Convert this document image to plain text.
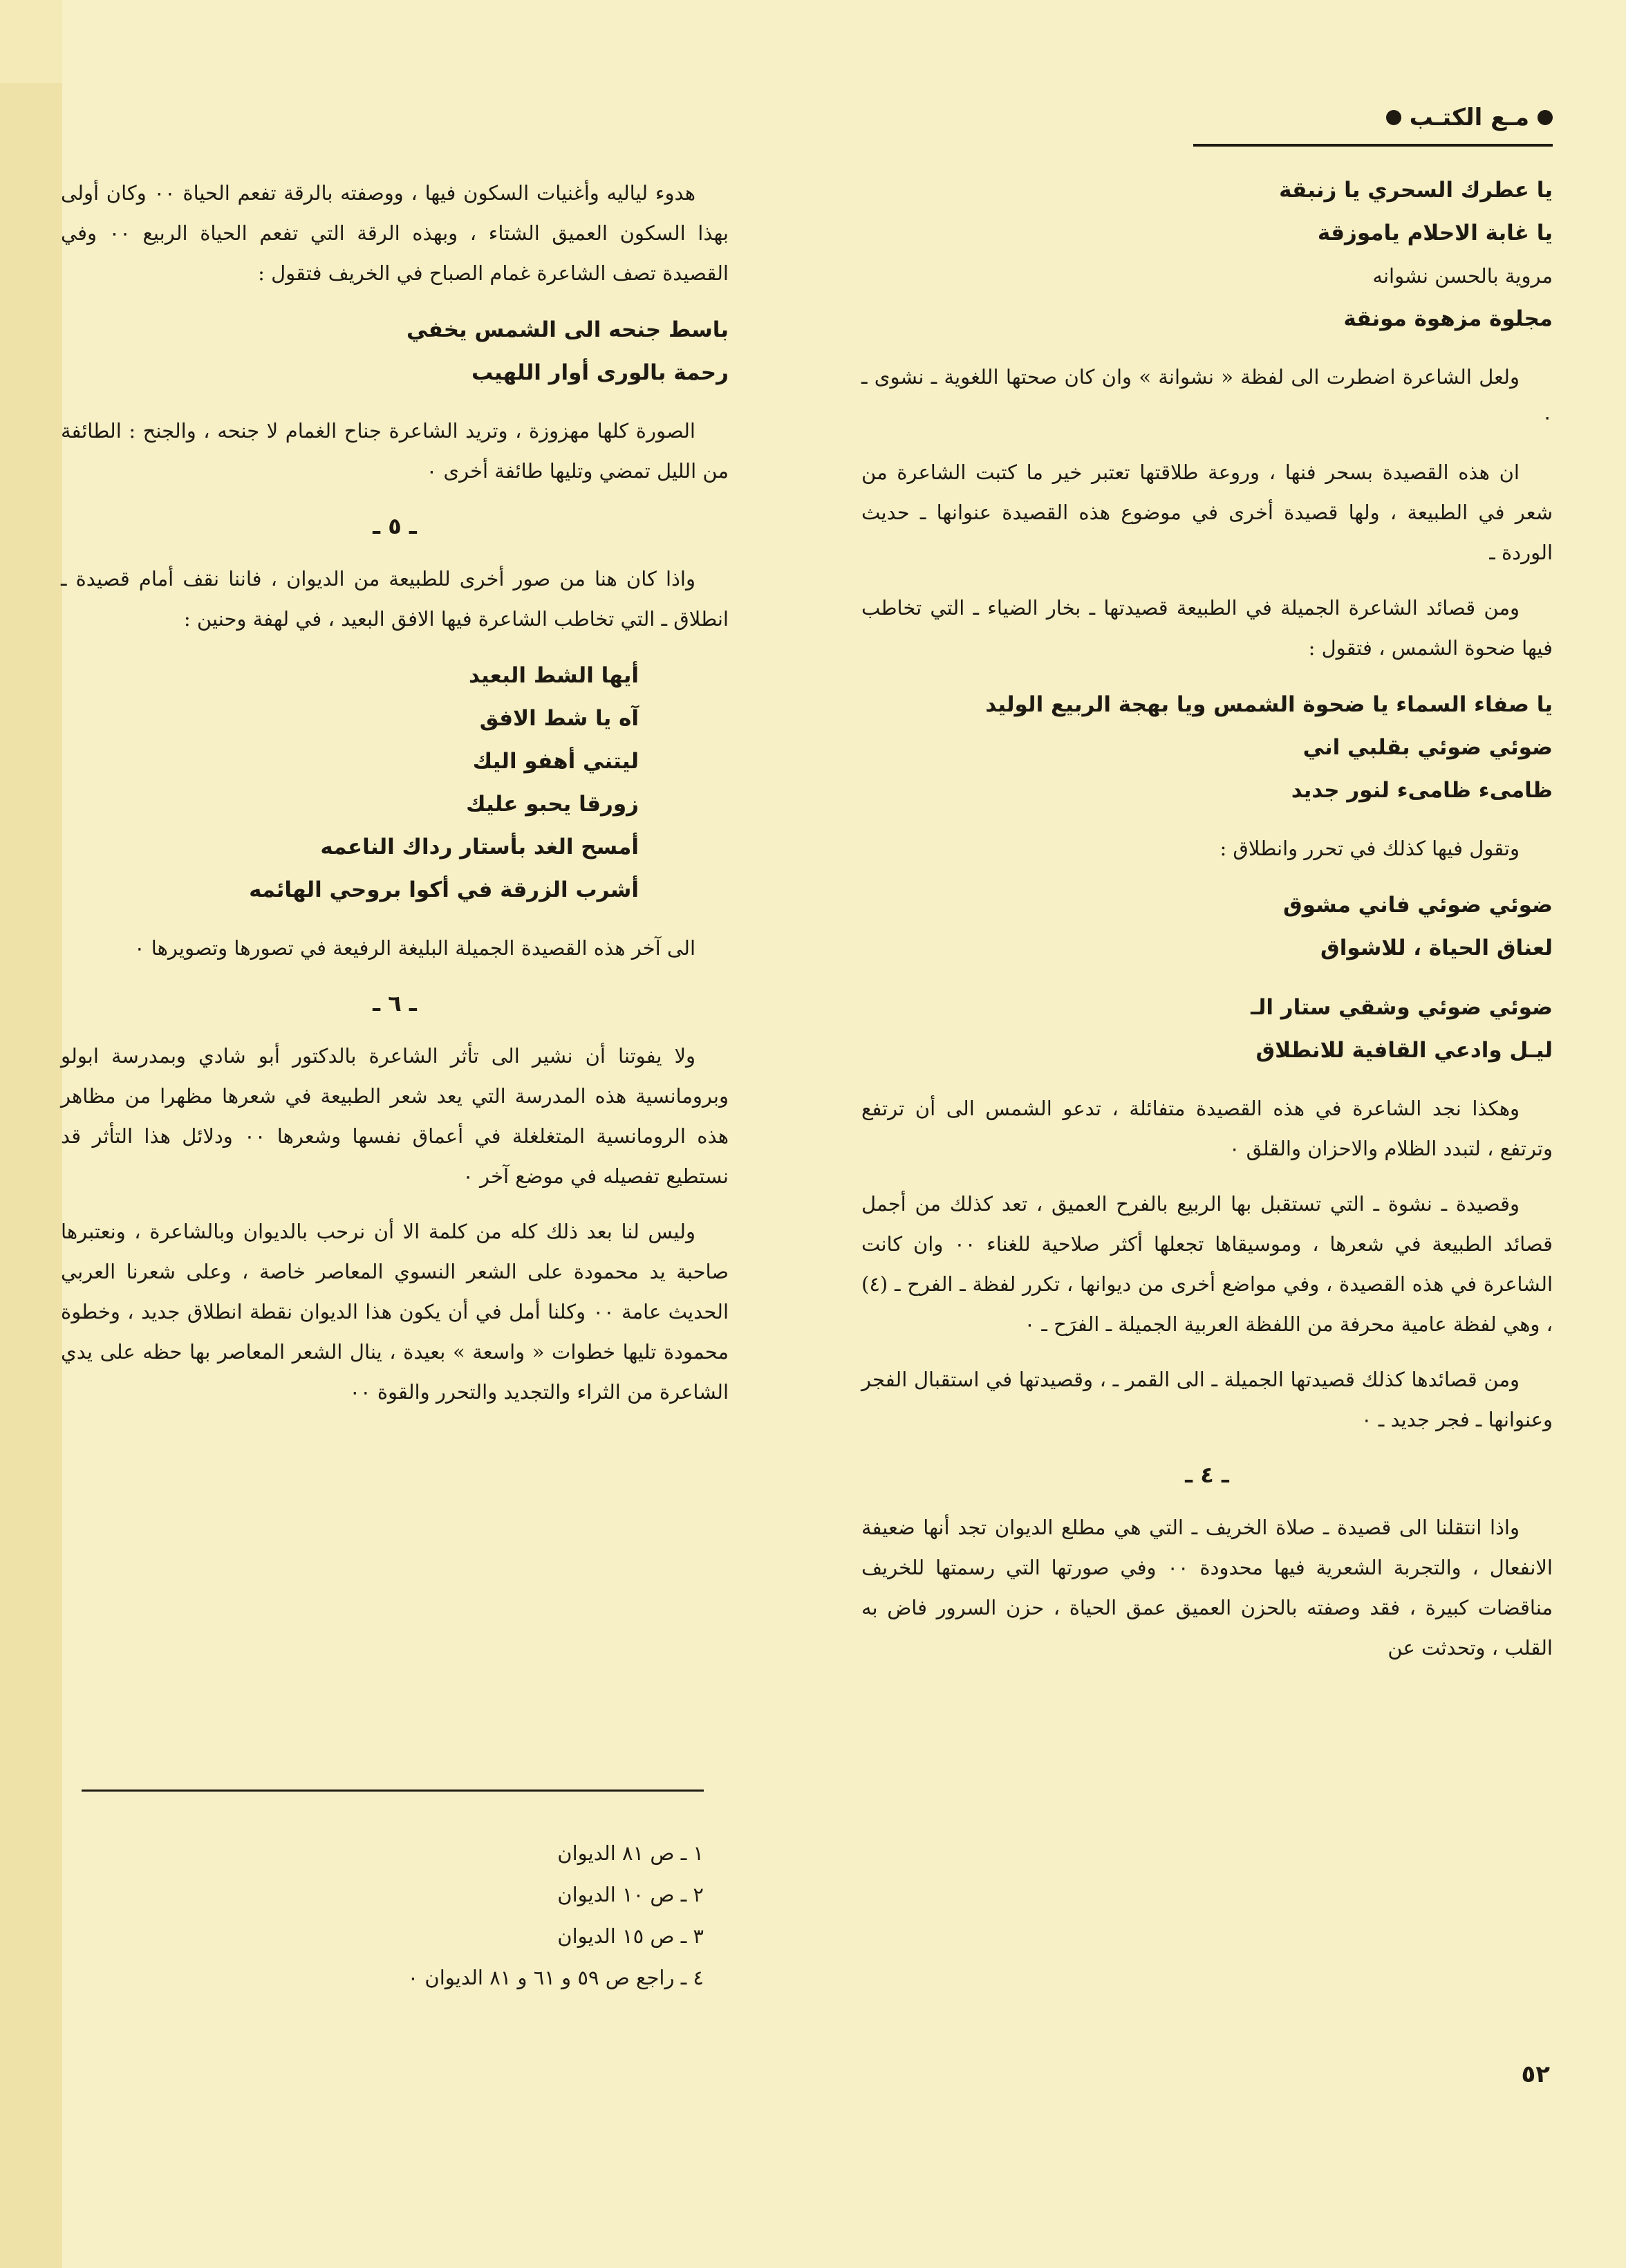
مـع الكتـب
يا عطرك السحري يا زنبقة
يا غابة الاحلام ياموزقة
مروية بالحسن نشوانه
مجلوة مزهوة مونقة

ولعل الشاعرة اضطرت الى لفظة « نشوانة » وان كان صحتها اللغوية ـ نشوى ـ ٠

ان هذه القصيدة بسحر فنها ، وروعة طلاقتها تعتبر خير ما كتبت الشاعرة من شعر في الطبيعة ، ولها قصيدة أخرى في موضوع هذه القصيدة عنوانها ـ حديث الوردة ـ

ومن قصائد الشاعرة الجميلة في الطبيعة قصيدتها ـ بخار الضياء ـ التي تخاطب فيها ضحوة الشمس ، فتقول :

يا صفاء السماء يا ضحوة الشمس ويا بهجة الربيع الوليد
ضوئي ضوئي بقلبي اني
ظامىء ظامىء لنور جديد

وتقول فيها كذلك في تحرر وانطلاق :

ضوئي ضوئي فاني مشوق
لعناق الحياة ، للاشواق
ضوئي ضوئي وشقي ستار الـ
ليـل وادعي القافية للانطلاق

وهكذا نجد الشاعرة في هذه القصيدة متفائلة ، تدعو الشمس الى أن ترتفع وترتفع ، لتبدد الظلام والاحزان والقلق ٠

وقصيدة ـ نشوة ـ التي تستقبل بها الربيع بالفرح العميق ، تعد كذلك من أجمل قصائد الطبيعة في شعرها ، وموسيقاها تجعلها أكثر صلاحية للغناء ٠٠ وان كانت الشاعرة في هذه القصيدة ، وفي مواضع أخرى من ديوانها ، تكرر لفظة ـ الفرح ـ (٤) ، وهي لفظة عامية محرفة من اللفظة العربية الجميلة ـ الفرَح ـ ٠

ومن قصائدها كذلك قصيدتها الجميلة ـ الى القمر ـ ، وقصيدتها في استقبال الفجر وعنوانها ـ فجر جديد ـ ٠

ـ ٤ ـ

واذا انتقلنا الى قصيدة ـ صلاة الخريف ـ التي هي مطلع الديوان تجد أنها ضعيفة الانفعال ، والتجربة الشعرية فيها محدودة ٠٠ وفي صورتها التي رسمتها للخريف مناقضات كبيرة ، فقد وصفته بالحزن العميق عمق الحياة ، حزن السرور فاض به القلب ، وتحدثت عن

هدوء لياليه وأغنيات السكون فيها ، ووصفته بالرقة تفعم الحياة ٠٠ وكان أولى بهذا السكون العميق الشتاء ، وبهذه الرقة التي تفعم الحياة الربيع ٠٠ وفي القصيدة تصف الشاعرة غمام الصباح في الخريف فتقول :

باسط جنحه الى الشمس يخفي
رحمة بالورى أوار اللهيب

الصورة كلها مهزوزة ، وتريد الشاعرة جناح الغمام لا جنحه ، والجنح : الطائفة من الليل تمضي وتليها طائفة أخرى ٠

ـ ٥ ـ

واذا كان هنا من صور أخرى للطبيعة من الديوان ، فاننا نقف أمام قصيدة ـ انطلاق ـ التي تخاطب الشاعرة فيها الافق البعيد ، في لهفة وحنين :

أيها الشط البعيد
آه يا شط الافق
ليتني أهفو اليك
زورقا يحبو عليك
أمسح الغد بأستار رداك الناعمه
أشرب الزرقة في أكوا بروحي الهائمه

الى آخر هذه القصيدة الجميلة البليغة الرفيعة في تصورها وتصويرها ٠

ـ ٦ ـ

ولا يفوتنا أن نشير الى تأثر الشاعرة بالدكتور أبو شادي وبمدرسة ابولو وبرومانسية هذه المدرسة التي يعد شعر الطبيعة في شعرها مظهرا من مظاهر هذه الرومانسية المتغلغلة في أعماق نفسها وشعرها ٠٠ ودلائل هذا التأثر قد نستطيع تفصيله في موضع آخر ٠

وليس لنا بعد ذلك كله من كلمة الا أن نرحب بالديوان وبالشاعرة ، ونعتبرها صاحبة يد محمودة على الشعر النسوي المعاصر خاصة ، وعلى شعرنا العربي الحديث عامة ٠٠ وكلنا أمل في أن يكون هذا الديوان نقطة انطلاق جديد ، وخطوة محمودة تليها خطوات « واسعة » بعيدة ، ينال الشعر المعاصر بها حظه على يدي الشاعرة من الثراء والتجديد والتحرر والقوة ٠٠

١ ـ ص ٨١ الديوان
٢ ـ ص ١٠ الديوان
٣ ـ ص ١٥ الديوان
٤ ـ راجع ص ٥٩ و ٦١ و ٨١ الديوان ٠
٥٢
